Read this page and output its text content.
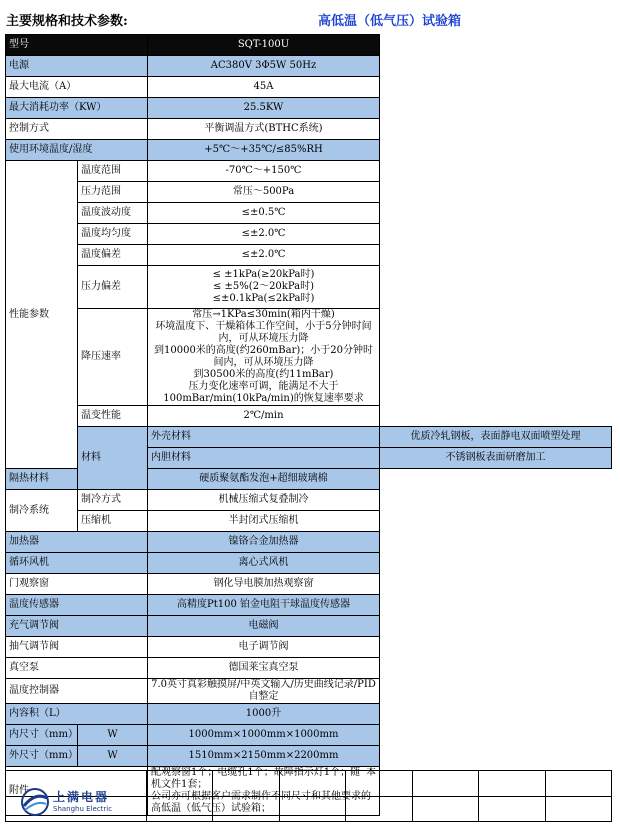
主要规格和技术参数:	高低温（低气压）试验箱
型号		SQT-100U	
电源		AC380V 3Φ5W 50Hz	
最大电流（A）		45A	
最大消耗功率（KW）		25.5KW	
控制方式		平衡调温方式(BTHC系统)	
使用环境温度/湿度		+5℃～+35℃/≤85%RH	
性能参数	温度范围	-70℃～+150℃	
	压力范围	常压～500Pa	
	温度波动度	≤±0.5℃	
	温度均匀度	≤±2.0℃	
	温度偏差	≤±2.0℃	
	压力偏差	≤ ±1kPa(≥20kPa时)
≤ ±5%(2～20kPa时)
≤±0.1kPa(≤2kPa时)	

	降压速率	常压→1KPa≤30min(箱内干燥)
环境温度下、干燥箱体工作空间，小于5分钟时间内，可从环境压力降
到10000米的高度(约260mBar)；小于20分钟时间内，可从环境压力降
到30500米的高度(约11mBar)
压力变化速率可调，能满足不大于100mBar/min(10kPa/min)的恢复速率要求	

	温变性能	2℃/min	
	材料	外壳材料	优质冷轧钢板，表面静电双面喷塑处理
		内胆材料	不锈钢板表面研磨加工
隔热材料		硬质聚氨酯发泡+超细玻璃棉	
制冷系统	制冷方式	机械压缩式复叠制冷	
	压缩机	半封闭式压缩机	
加热器		镍铬合金加热器	
循环风机		离心式风机	
门观察窗		钢化导电膜加热观察窗	
温度传感器		高精度Pt100 铂金电阻干球温度传感器	
充气调节阀		电磁阀	
抽气调节阀		电子调节阀	
真空泵		德国莱宝真空泵	
温度控制器		7.0英寸真彩触摸屏/中英文输入/历史曲线记录/PID自整定	
内容积（L）		1000升	
内尺寸（mm）	W	1000mm×1000mm×1000mm	
外尺寸（mm）	W	1510mm×2150mm×2200mm	
附件		配观察窗1个；电缆孔1个；故障指示灯1个；随机文件1套；
本
公司亦可根据客户需求制作不同尺寸和其他要求的高低温（低气压）试验箱；	

上满电器
Shanghu Electric
